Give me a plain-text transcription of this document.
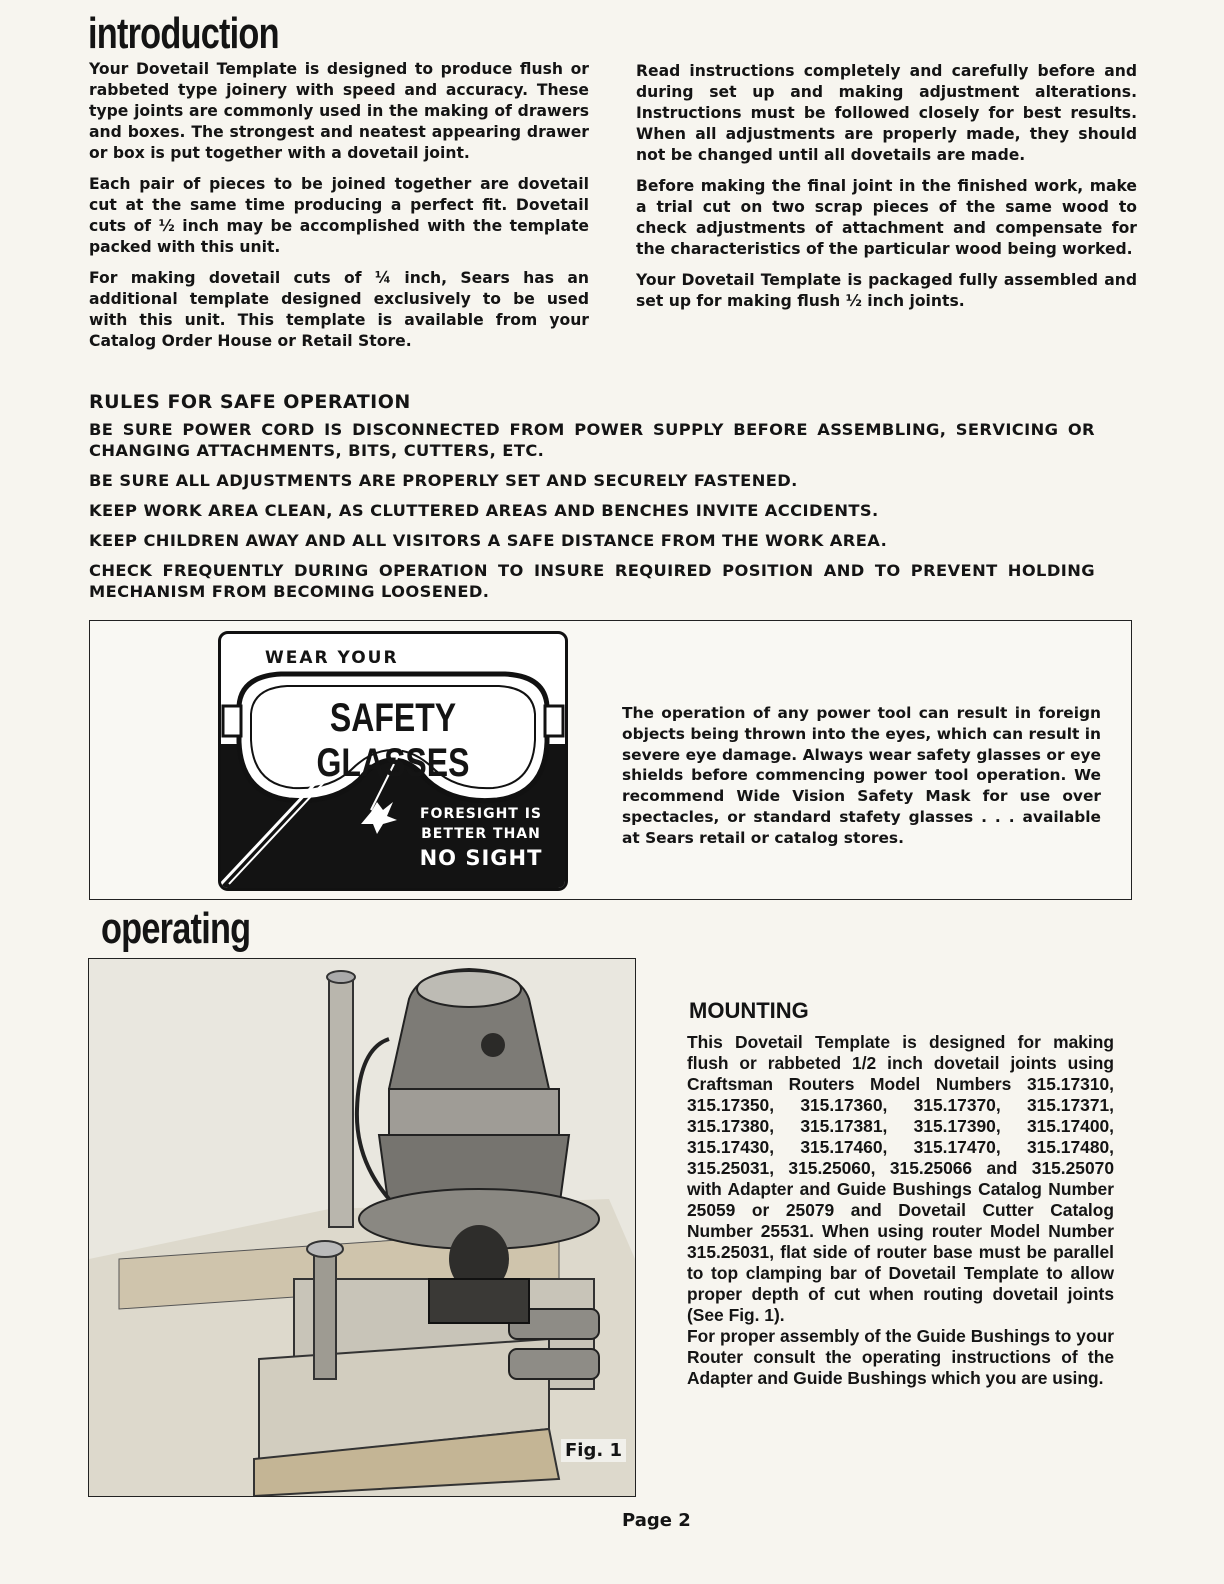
introduction

Your Dovetail Template is designed to produce flush or rabbeted type joinery with speed and accuracy. These type joints are commonly used in the making of drawers and boxes. The strongest and neatest appearing drawer or box is put together with a dovetail joint.

Each pair of pieces to be joined together are dovetail cut at the same time producing a perfect fit. Dovetail cuts of ½ inch may be accomplished with the template packed with this unit.

For making dovetail cuts of ¼ inch, Sears has an additional template designed exclusively to be used with this unit. This template is available from your Catalog Order House or Retail Store.

Read instructions completely and carefully before and during set up and making adjustment alterations. Instructions must be followed closely for best results. When all adjustments are properly made, they should not be changed until all dovetails are made.

Before making the final joint in the finished work, make a trial cut on two scrap pieces of the same wood to check adjustments of attachment and compensate for the characteristics of the particular wood being worked.

Your Dovetail Template is packaged fully assembled and set up for making flush ½ inch joints.

RULES FOR SAFE OPERATION

BE SURE POWER CORD IS DISCONNECTED FROM POWER SUPPLY BEFORE ASSEMBLING, SERVICING OR CHANGING ATTACHMENTS, BITS, CUTTERS, ETC.

BE SURE ALL ADJUSTMENTS ARE PROPERLY SET AND SECURELY FASTENED.

KEEP WORK AREA CLEAN, AS CLUTTERED AREAS AND BENCHES INVITE ACCIDENTS.

KEEP CHILDREN AWAY AND ALL VISITORS A SAFE DISTANCE FROM THE WORK AREA.

CHECK FREQUENTLY DURING OPERATION TO INSURE REQUIRED POSITION AND TO PREVENT HOLDING MECHANISM FROM BECOMING LOOSENED.

WEAR YOUR
SAFETY GLASSES
FORESIGHT IS
BETTER THAN
NO SIGHT
The operation of any power tool can result in foreign objects being thrown into the eyes, which can result in severe eye damage. Always wear safety glasses or eye shields before commencing power tool operation. We recommend Wide Vision Safety Mask for use over spectacles, or standard stafety glasses . . . available at Sears retail or catalog stores.
operating
Fig. 1
MOUNTING

This Dovetail Template is designed for making flush or rabbeted 1/2 inch dovetail joints using Craftsman Routers Model Numbers 315.17310, 315.17350, 315.17360, 315.17370, 315.17371, 315.17380, 315.17381, 315.17390, 315.17400, 315.17430, 315.17460, 315.17470, 315.17480, 315.25031, 315.25060, 315.25066 and 315.25070 with Adapter and Guide Bushings Catalog Number 25059 or 25079 and Dovetail Cutter Catalog Number 25531. When using router Model Number 315.25031, flat side of router base must be parallel to top clamping bar of Dovetail Template to allow proper depth of cut when routing dovetail joints (See Fig. 1).

For proper assembly of the Guide Bushings to your Router consult the operating instructions of the Adapter and Guide Bushings which you are using.

Page 2
